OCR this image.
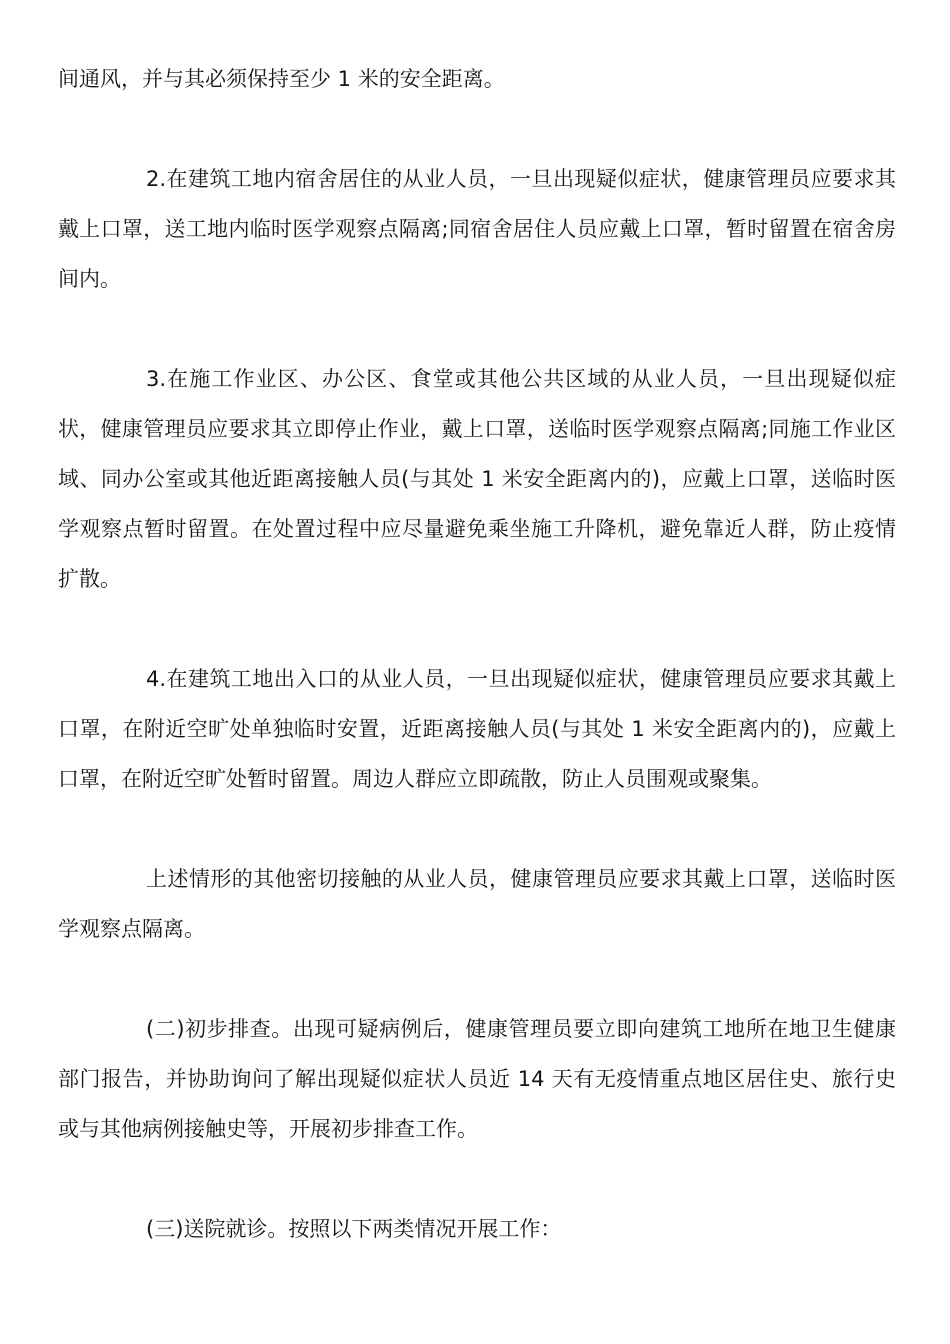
间通风，并与其必须保持至少 1 米的安全距离。

2.在建筑工地内宿舍居住的从业人员，一旦出现疑似症状，健康管理员应要求其戴上口罩，送工地内临时医学观察点隔离;同宿舍居住人员应戴上口罩，暂时留置在宿舍房间内。

3.在施工作业区、办公区、食堂或其他公共区域的从业人员，一旦出现疑似症状，健康管理员应要求其立即停止作业，戴上口罩，送临时医学观察点隔离;同施工作业区域、同办公室或其他近距离接触人员(与其处 1 米安全距离内的)，应戴上口罩，送临时医学观察点暂时留置。在处置过程中应尽量避免乘坐施工升降机，避免靠近人群，防止疫情扩散。

4.在建筑工地出入口的从业人员，一旦出现疑似症状，健康管理员应要求其戴上口罩，在附近空旷处单独临时安置，近距离接触人员(与其处 1 米安全距离内的)，应戴上口罩，在附近空旷处暂时留置。周边人群应立即疏散，防止人员围观或聚集。

上述情形的其他密切接触的从业人员，健康管理员应要求其戴上口罩，送临时医学观察点隔离。

(二)初步排查。出现可疑病例后，健康管理员要立即向建筑工地所在地卫生健康部门报告，并协助询问了解出现疑似症状人员近 14 天有无疫情重点地区居住史、旅行史或与其他病例接触史等，开展初步排查工作。

(三)送院就诊。按照以下两类情况开展工作：
